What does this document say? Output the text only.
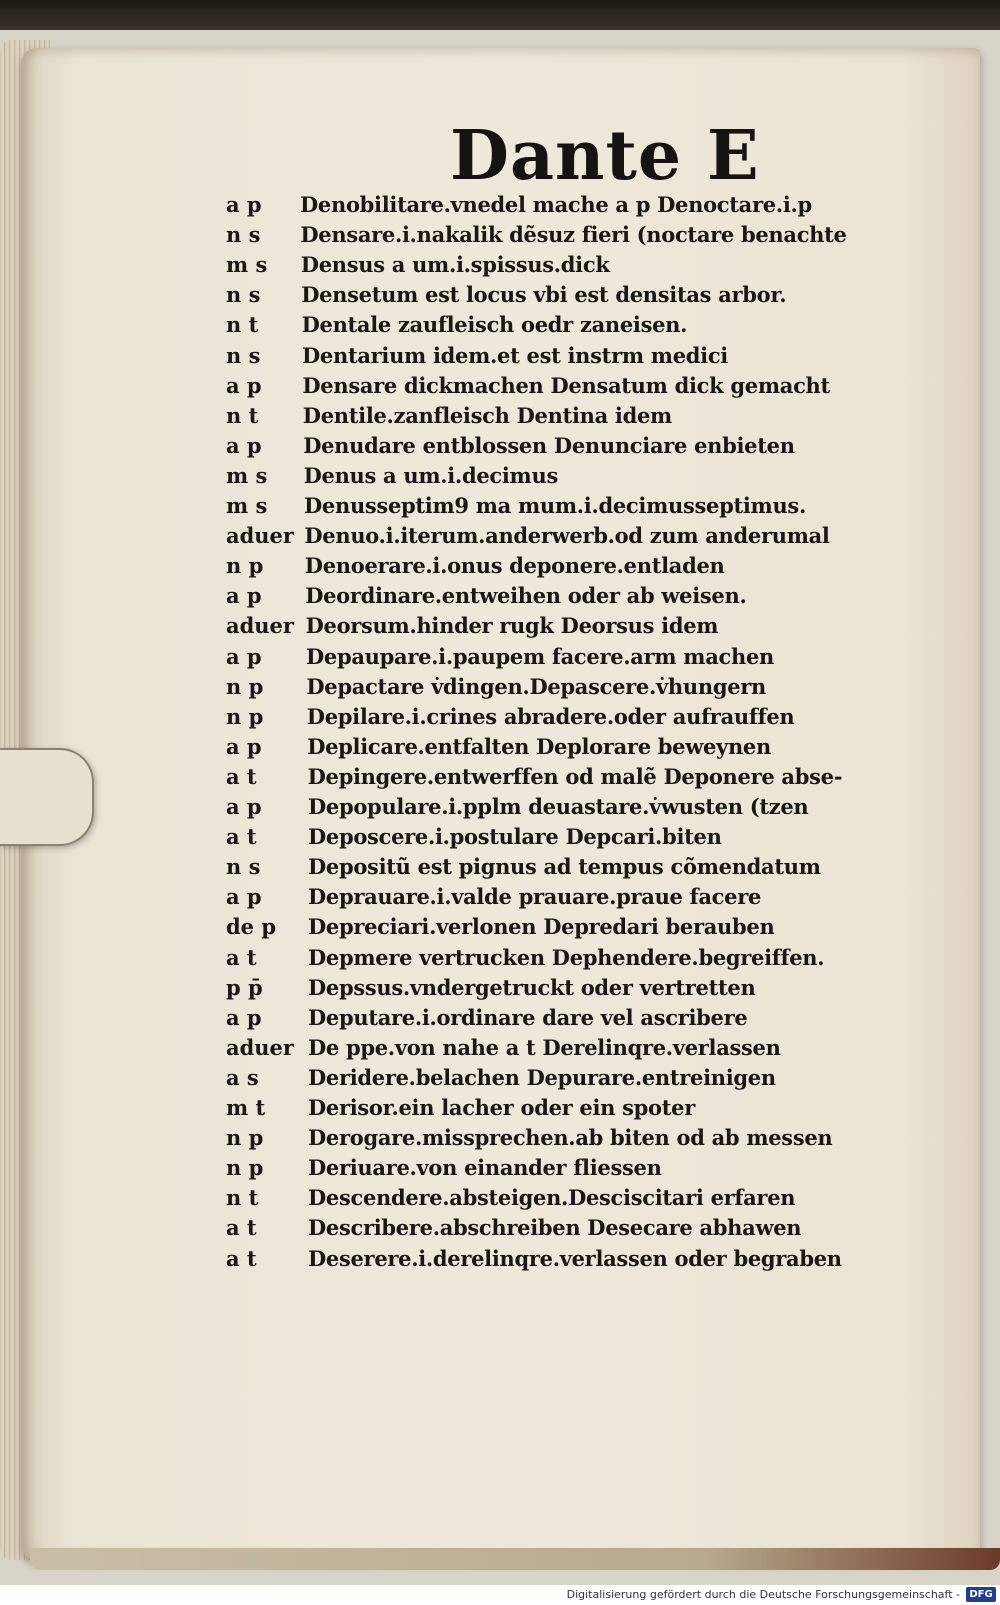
Dante E
a p	Denobilitare.vnedel mache a p Denoctare.i.p
n s	Densare.i.nakalik dẽsuz fieri (noctare benachte
m s	Densus a um.i.spissus.dick
n s	Densetum est locus vbi est densitas arbor.
n t	Dentale zaufleisch oedr zaneisen.
n s	Dentarium idem.et est instrm medici
a p	Densare dickmachen Densatum dick gemacht
n t	Dentile.zanfleisch Dentina idem
a p	Denudare entblossen Denunciare enbieten
m s	Denus a um.i.decimus
m s	Denusseptim9 ma mum.i.decimusseptimus.
aduer Denuo.i.iterum.anderwerb.od zum anderumal
n p	Denoerare.i.onus deponere.entladen
a p	Deordinare.entweihen oder ab weisen.
aduer Deorsum.hinder rugk Deorsus idem
a p	Depaupare.i.paupem facere.arm machen
n p	Depactare v̇dingen.Depascere.v̇hungern
n p	Depilare.i.crines abradere.oder aufrauffen
a p	Deplicare.entfalten Deplorare beweynen
a t	Depingere.entwerffen od malẽ Deponere abse-
a p	Depopulare.i.pplm deuastare.v̇wusten (tzen
a t	Deposcere.i.postulare Depcari.biten
n s	Depositũ est pignus ad tempus cõmendatum
a p	Deprauare.i.valde prauare.praue facere
de p	Depreciari.verlonen Depredari berauben
a t	Depmere vertrucken Dephendere.begreiffen.
p p̄	Depssus.vndergetruckt oder vertretten
a p	Deputare.i.ordinare dare vel ascribere
aduer De ppe.von nahe a t Derelinqre.verlassen
a s	Deridere.belachen Depurare.entreinigen
m t	Derisor.ein lacher oder ein spoter
n p	Derogare.missprechen.ab biten od ab messen
n p	Deriuare.von einander fliessen
n t	Descendere.absteigen.Desciscitari erfaren
a t	Describere.abschreiben Desecare abhawen
a t	Deserere.i.derelinqre.verlassen oder begraben
Digitalisierung gefördert durch die Deutsche Forschungsgemeinschaft - DFG
